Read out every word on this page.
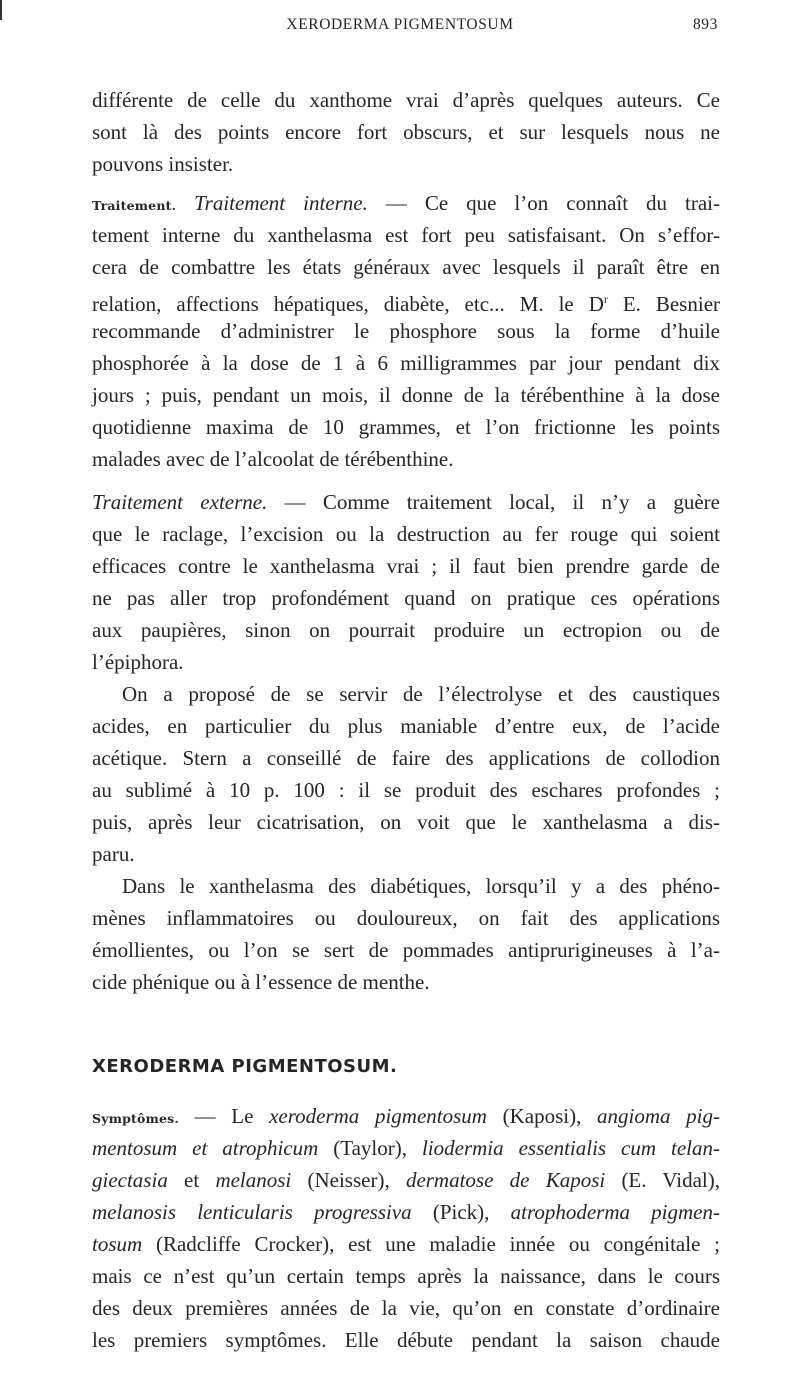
XERODERMA PIGMENTOSUM	893
différente de celle du xanthome vrai d’après quelques auteurs. Ce
sont là des points encore fort obscurs, et sur lesquels nous ne
pouvons insister.
Traitement. Traitement interne. — Ce que l’on connaît du trai-
tement interne du xanthelasma est fort peu satisfaisant. On s’effor-
cera de combattre les états généraux avec lesquels il paraît être en
relation, affections hépatiques, diabète, etc... M. le $D^r$ E. Besnier
recommande d’administrer le phosphore sous la forme d’huile
phosphorée à la dose de 1 à 6 milligrammes par jour pendant dix
jours ; puis, pendant un mois, il donne de la térébenthine à la dose
quotidienne maxima de 10 grammes, et l’on frictionne les points
malades avec de l’alcoolat de térébenthine.
Traitement externe. — Comme traitement local, il n’y a guère
que le raclage, l’excision ou la destruction au fer rouge qui soient
efficaces contre le xanthelasma vrai ; il faut bien prendre garde de
ne pas aller trop profondément quand on pratique ces opérations
aux paupières, sinon on pourrait produire un ectropion ou de
l’épiphora.
On a proposé de se servir de l’électrolyse et des caustiques
acides, en particulier du plus maniable d’entre eux, de l’acide
acétique. Stern a conseillé de faire des applications de collodion
au sublimé à 10 p. 100 : il se produit des eschares profondes ;
puis, après leur cicatrisation, on voit que le xanthelasma a dis-
paru.
Dans le xanthelasma des diabétiques, lorsqu’il y a des phéno-
mènes inflammatoires ou douloureux, on fait des applications
émollientes, ou l’on se sert de pommades antiprurigineuses à l’a-
cide phénique ou à l’essence de menthe.
XERODERMA PIGMENTOSUM.
Symptômes. — Le xeroderma pigmentosum (Kaposi), angioma pig-
mentosum et atrophicum (Taylor), liodermia essentialis cum telan-
giectasia et melanosi (Neisser), dermatose de Kaposi (E. Vidal),
melanosis lenticularis progressiva (Pick), atrophoderma pigmen-
tosum (Radcliffe Crocker), est une maladie innée ou congénitale ;
mais ce n’est qu’un certain temps après la naissance, dans le cours
des deux premières années de la vie, qu’on en constate d’ordinaire
les premiers symptômes. Elle débute pendant la saison chaude
